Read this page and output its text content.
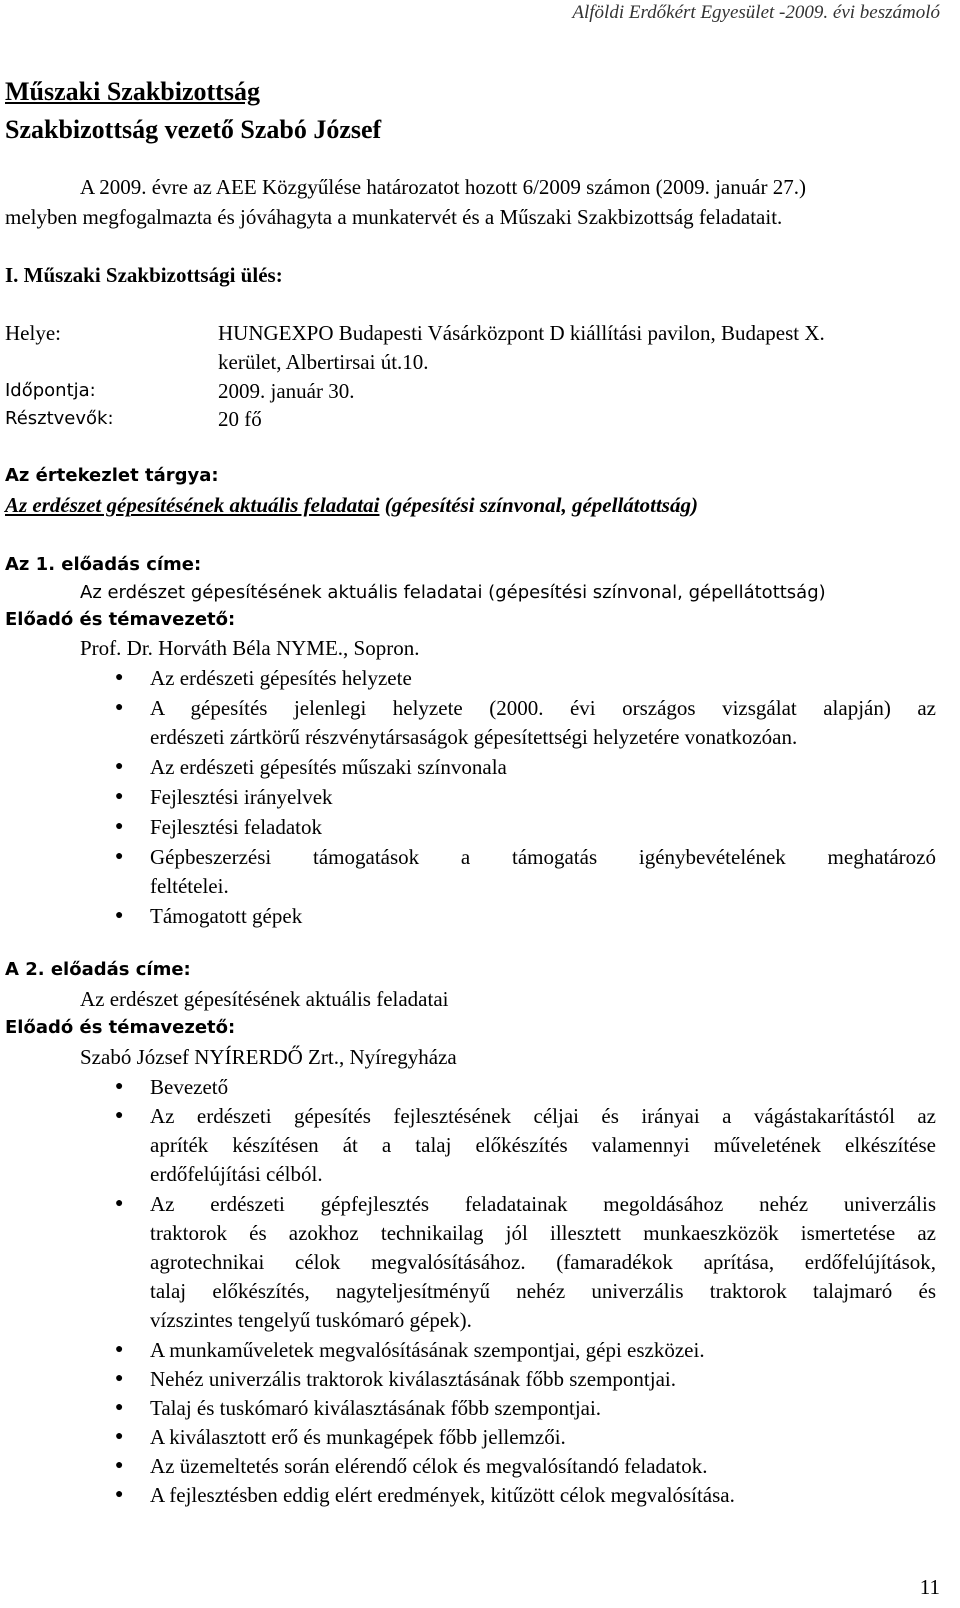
Alföldi Erdőkért Egyesület -2009. évi beszámoló
Műszaki Szakbizottság
Szakbizottság vezető Szabó József
A 2009. évre az AEE Közgyűlése határozatot hozott 6/2009 számon (2009. január 27.)
melyben megfogalmazta és jóváhagyta a munkatervét és a Műszaki Szakbizottság feladatait.
I. Műszaki Szakbizottsági ülés:
Helye:	HUNGEXPO Budapesti Vásárközpont D kiállítási pavilon, Budapest X.
kerület, Albertirsai út.10.
Időpontja:	2009. január 30.
Résztvevők:	20 fő
Az értekezlet tárgya:
Az erdészet gépesítésének aktuális feladatai (gépesítési színvonal, gépellátottság)
Az 1. előadás címe:
Az erdészet gépesítésének aktuális feladatai (gépesítési színvonal, gépellátottság)
Előadó és témavezető:
Prof. Dr. Horváth Béla NYME., Sopron.
● Az erdészeti gépesítés helyzete
● A gépesítés jelenlegi helyzete (2000. évi országos vizsgálat alapján) az
erdészeti zártkörű részvénytársaságok gépesítettségi helyzetére vonatkozóan.
● Az erdészeti gépesítés műszaki színvonala
● Fejlesztési irányelvek
● Fejlesztési feladatok
● Gépbeszerzési támogatások a támogatás igénybevételének meghatározó
feltételei.
● Támogatott gépek
A 2. előadás címe:
Az erdészet gépesítésének aktuális feladatai
Előadó és témavezető:
Szabó József NYÍRERDŐ Zrt., Nyíregyháza
● Bevezető
● Az erdészeti gépesítés fejlesztésének céljai és irányai a vágástakarítástól az
apríték készítésen át a talaj előkészítés valamennyi műveletének elkészítése
erdőfelújítási célból.
● Az erdészeti gépfejlesztés feladatainak megoldásához nehéz univerzális
traktorok és azokhoz technikailag jól illesztett munkaeszközök ismertetése az
agrotechnikai célok megvalósításához. (famaradékok aprítása, erdőfelújítások,
talaj előkészítés, nagyteljesítményű nehéz univerzális traktorok talajmaró és
vízszintes tengelyű tuskómaró gépek).
● A munkaműveletek megvalósításának szempontjai, gépi eszközei.
● Nehéz univerzális traktorok kiválasztásának főbb szempontjai.
● Talaj és tuskómaró kiválasztásának főbb szempontjai.
● A kiválasztott erő és munkagépek főbb jellemzői.
● Az üzemeltetés során elérendő célok és megvalósítandó feladatok.
● A fejlesztésben eddig elért eredmények, kitűzött célok megvalósítása.
11
